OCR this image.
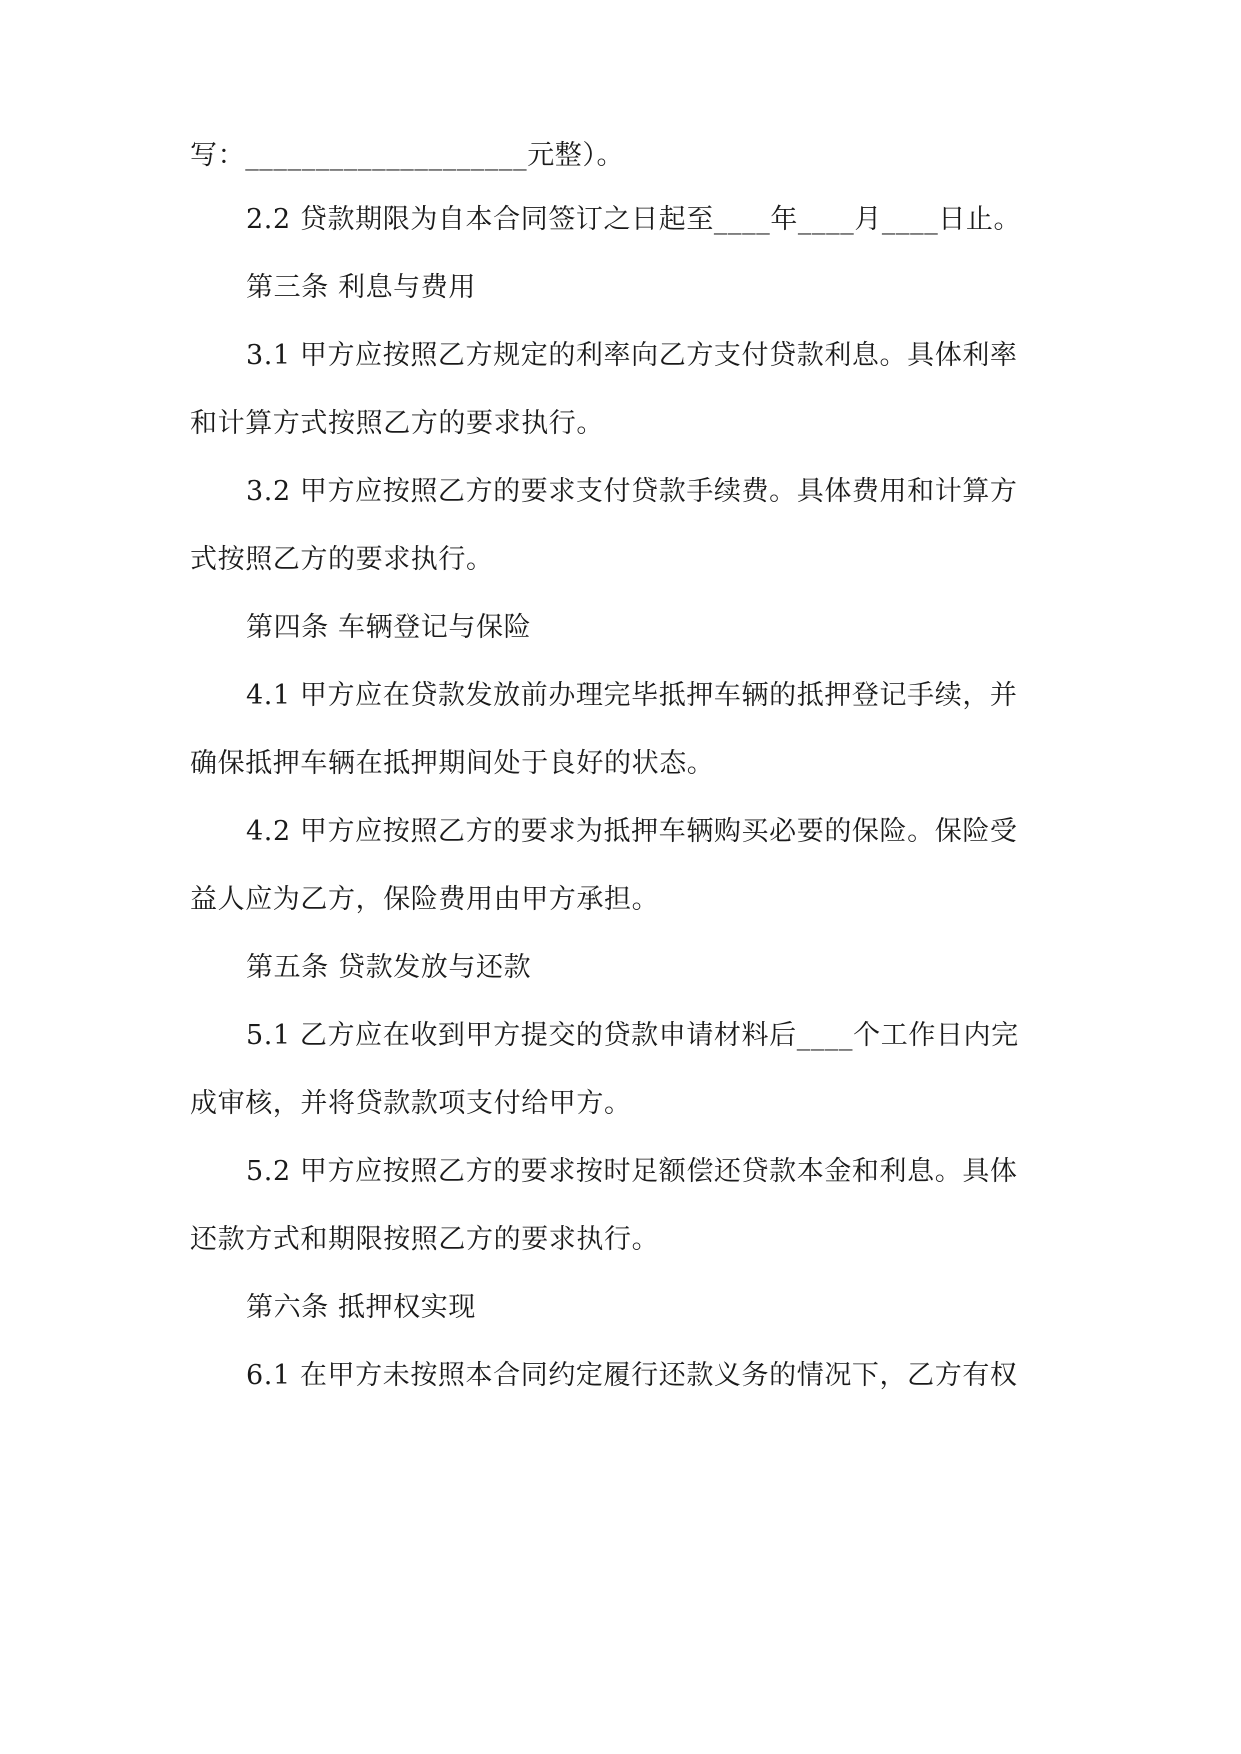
写：____________________元整）。
2.2 贷款期限为自本合同签订之日起至____年____月____日止。
第三条 利息与费用
3.1 甲方应按照乙方规定的利率向乙方支付贷款利息。具体利率
和计算方式按照乙方的要求执行。
3.2 甲方应按照乙方的要求支付贷款手续费。具体费用和计算方
式按照乙方的要求执行。
第四条 车辆登记与保险
4.1 甲方应在贷款发放前办理完毕抵押车辆的抵押登记手续，并
确保抵押车辆在抵押期间处于良好的状态。
4.2 甲方应按照乙方的要求为抵押车辆购买必要的保险。保险受
益人应为乙方，保险费用由甲方承担。
第五条 贷款发放与还款
5.1 乙方应在收到甲方提交的贷款申请材料后____个工作日内完
成审核，并将贷款款项支付给甲方。
5.2 甲方应按照乙方的要求按时足额偿还贷款本金和利息。具体
还款方式和期限按照乙方的要求执行。
第六条 抵押权实现
6.1 在甲方未按照本合同约定履行还款义务的情况下，乙方有权
